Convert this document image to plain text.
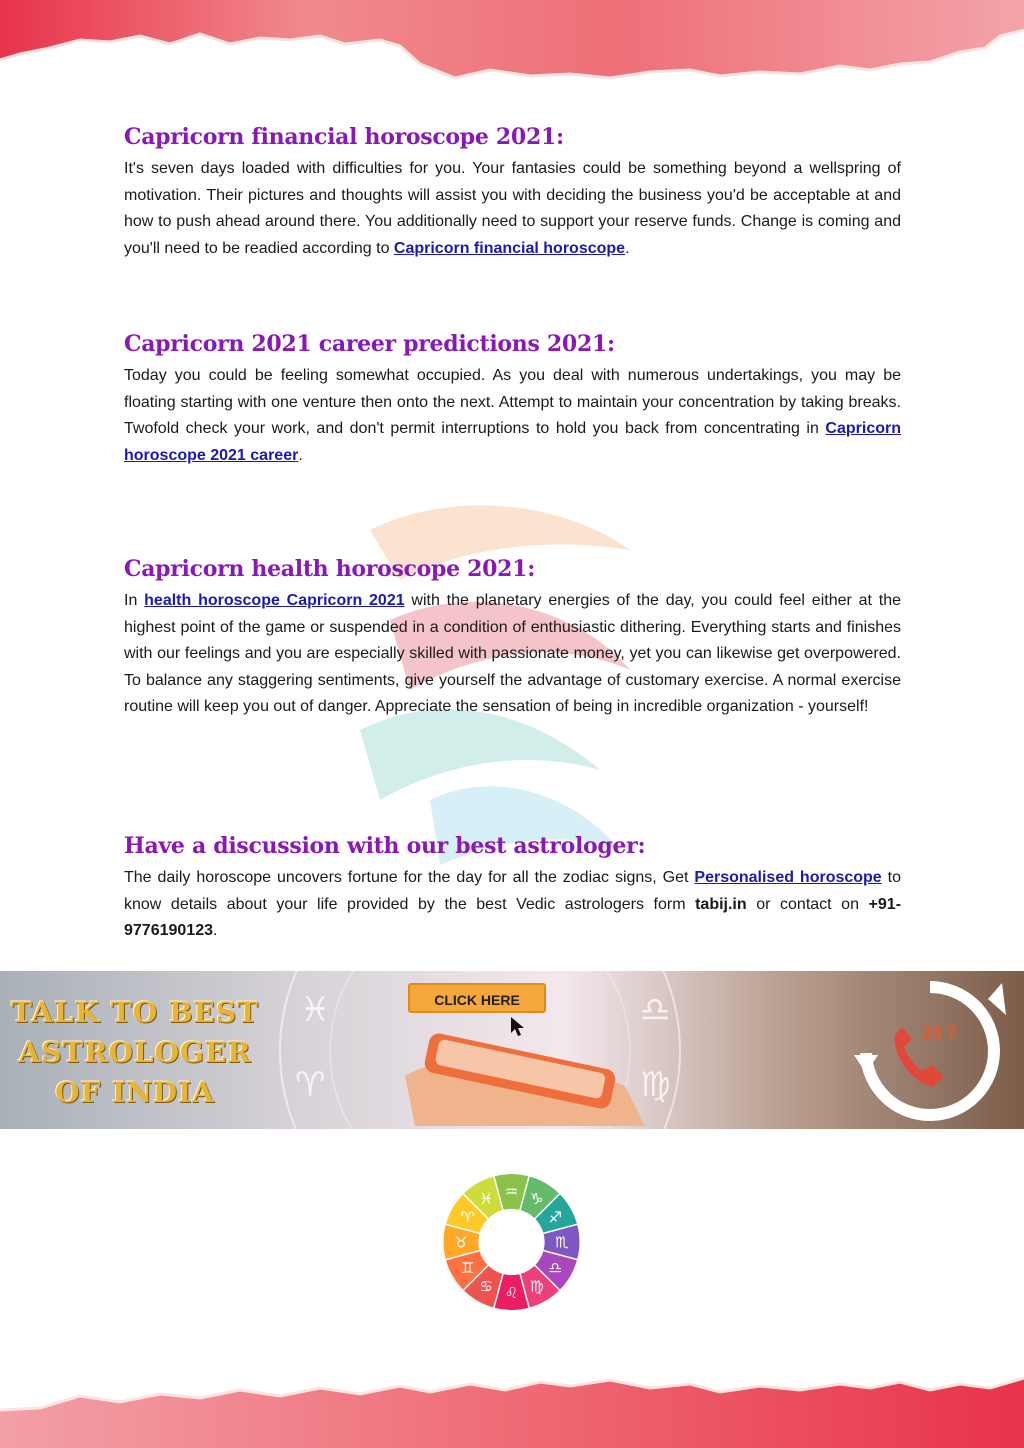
Capricorn financial horoscope 2021:

It's seven days loaded with difficulties for you. Your fantasies could be something beyond a wellspring of motivation. Their pictures and thoughts will assist you with deciding the business you'd be acceptable at and how to push ahead around there. You additionally need to support your reserve funds. Change is coming and you'll need to be readied according to Capricorn financial horoscope.

Capricorn 2021 career predictions 2021:

Today you could be feeling somewhat occupied. As you deal with numerous undertakings, you may be floating starting with one venture then onto the next. Attempt to maintain your concentration by taking breaks. Twofold check your work, and don't permit interruptions to hold you back from concentrating in Capricorn horoscope 2021 career.

Capricorn health horoscope 2021:

In health horoscope Capricorn 2021 with the planetary energies of the day, you could feel either at the highest point of the game or suspended in a condition of enthusiastic dithering. Everything starts and finishes with our feelings and you are especially skilled with passionate money, yet you can likewise get overpowered. To balance any staggering sentiments, give yourself the advantage of customary exercise. A normal exercise routine will keep you out of danger. Appreciate the sensation of being in incredible organization - yourself!

Have a discussion with our best astrologer:

The daily horoscope uncovers fortune for the day for all the zodiac signs, Get Personalised horoscope to know details about your life provided by the best Vedic astrologers form tabij.in or contact on +91-9776190123.

♓
♈
♎
♍
TALK TO BEST
ASTROLOGER
OF INDIA
CLICK HERE
24 7
♒ ♑
♐
♏
♎
♍
♌
♋
♊
♉
♈
♓
